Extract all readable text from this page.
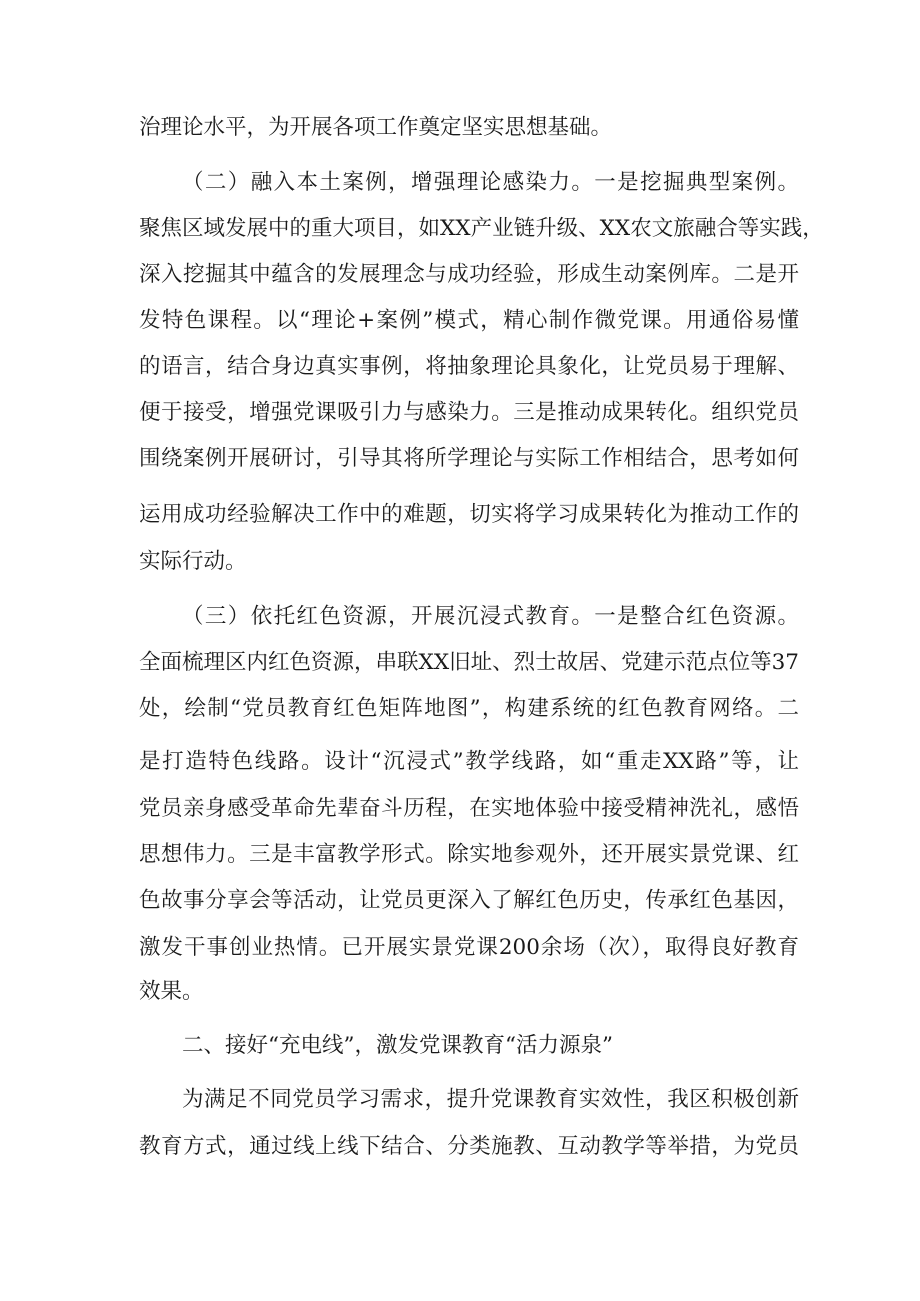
治理论水平，为开展各项工作奠定坚实思想基础。
（二）融入本土案例，增强理论感染力。一是挖掘典型案例。
聚焦区域发展中的重大项目，如XX产业链升级、XX农文旅融合等实践，
深入挖掘其中蕴含的发展理念与成功经验，形成生动案例库。二是开
发特色课程。以“理论+案例”模式，精心制作微党课。用通俗易懂
的语言，结合身边真实事例，将抽象理论具象化，让党员易于理解、
便于接受，增强党课吸引力与感染力。三是推动成果转化。组织党员
围绕案例开展研讨，引导其将所学理论与实际工作相结合，思考如何
运用成功经验解决工作中的难题，切实将学习成果转化为推动工作的
实际行动。
（三）依托红色资源，开展沉浸式教育。一是整合红色资源。
全面梳理区内红色资源，串联XX旧址、烈士故居、党建示范点位等37
处，绘制“党员教育红色矩阵地图”，构建系统的红色教育网络。二
是打造特色线路。设计“沉浸式”教学线路，如“重走XX路”等，让
党员亲身感受革命先辈奋斗历程，在实地体验中接受精神洗礼，感悟
思想伟力。三是丰富教学形式。除实地参观外，还开展实景党课、红
色故事分享会等活动，让党员更深入了解红色历史，传承红色基因，
激发干事创业热情。已开展实景党课200余场（次），取得良好教育
效果。
二、接好“充电线”，激发党课教育“活力源泉”
为满足不同党员学习需求，提升党课教育实效性，我区积极创新
教育方式，通过线上线下结合、分类施教、互动教学等举措，为党员
